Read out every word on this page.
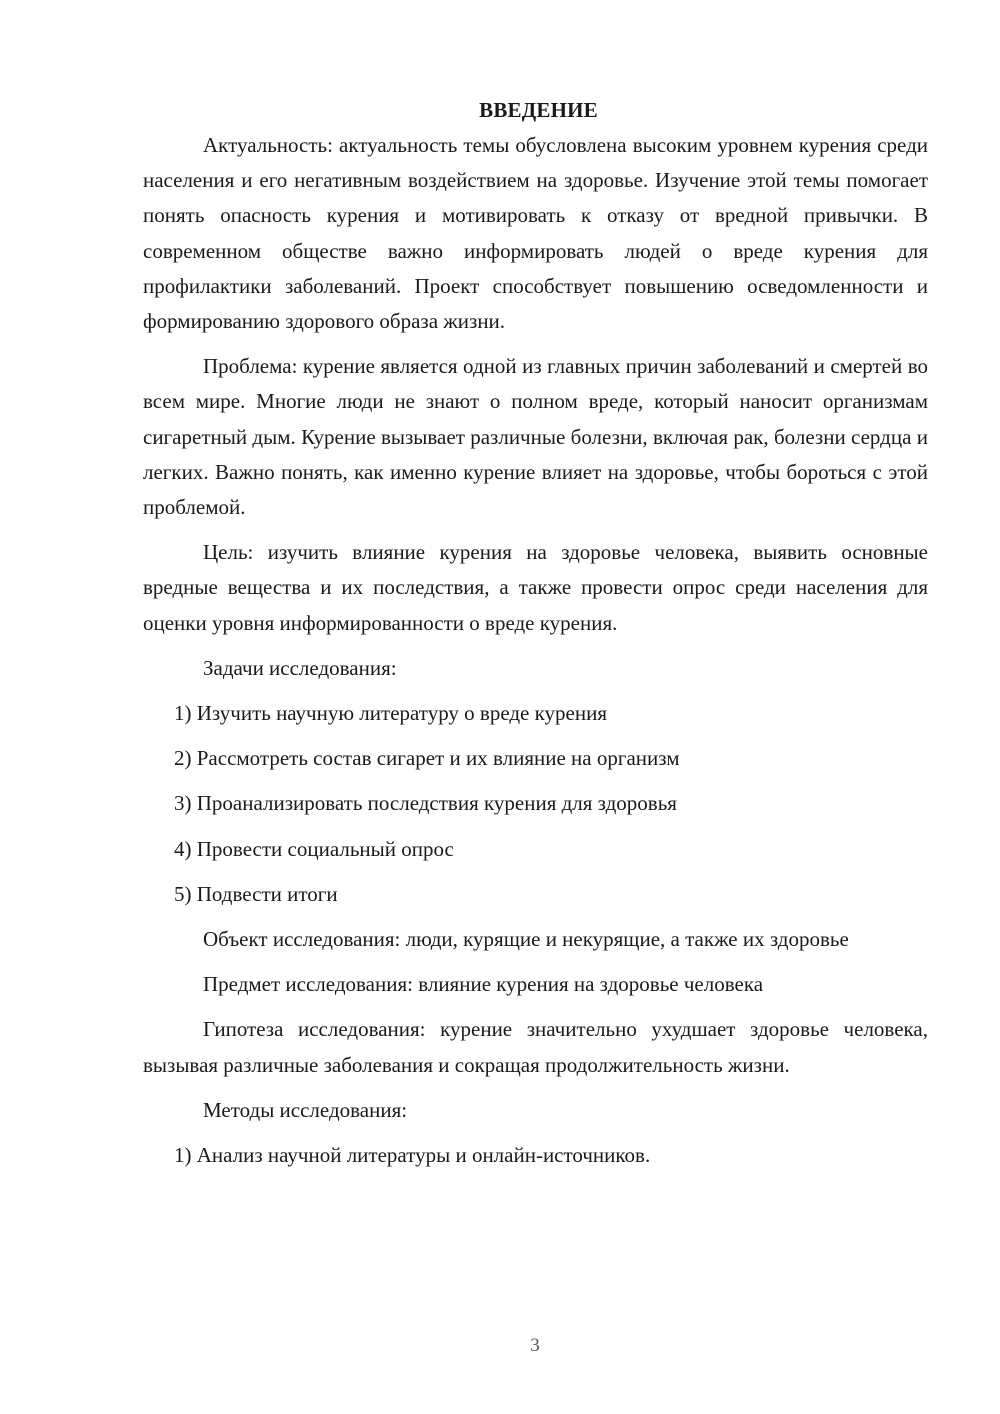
ВВЕДЕНИЕ

Актуальность: актуальность темы обусловлена высоким уровнем курения среди населения и его негативным воздействием на здоровье. Изучение этой темы помогает понять опасность курения и мотивировать к отказу от вредной привычки. В современном обществе важно информировать людей о вреде курения для профилактики заболеваний. Проект способствует повышению осведомленности и формированию здорового образа жизни.

Проблема: курение является одной из главных причин заболеваний и смертей во всем мире. Многие люди не знают о полном вреде, который наносит организмам сигаретный дым. Курение вызывает различные болезни, включая рак, болезни сердца и легких. Важно понять, как именно курение влияет на здоровье, чтобы бороться с этой проблемой.

Цель: изучить влияние курения на здоровье человека, выявить основные вредные вещества и их последствия, а также провести опрос среди населения для оценки уровня информированности о вреде курения.

Задачи исследования:

1) Изучить научную литературу о вреде курения
2) Рассмотреть состав сигарет и их влияние на организм
3) Проанализировать последствия курения для здоровья
4) Провести социальный опрос
5) Подвести итоги

Объект исследования: люди, курящие и некурящие, а также их здоровье

Предмет исследования: влияние курения на здоровье человека

Гипотеза исследования: курение значительно ухудшает здоровье человека, вызывая различные заболевания и сокращая продолжительность жизни.

Методы исследования:

1) Анализ научной литературы и онлайн-источников.
3
